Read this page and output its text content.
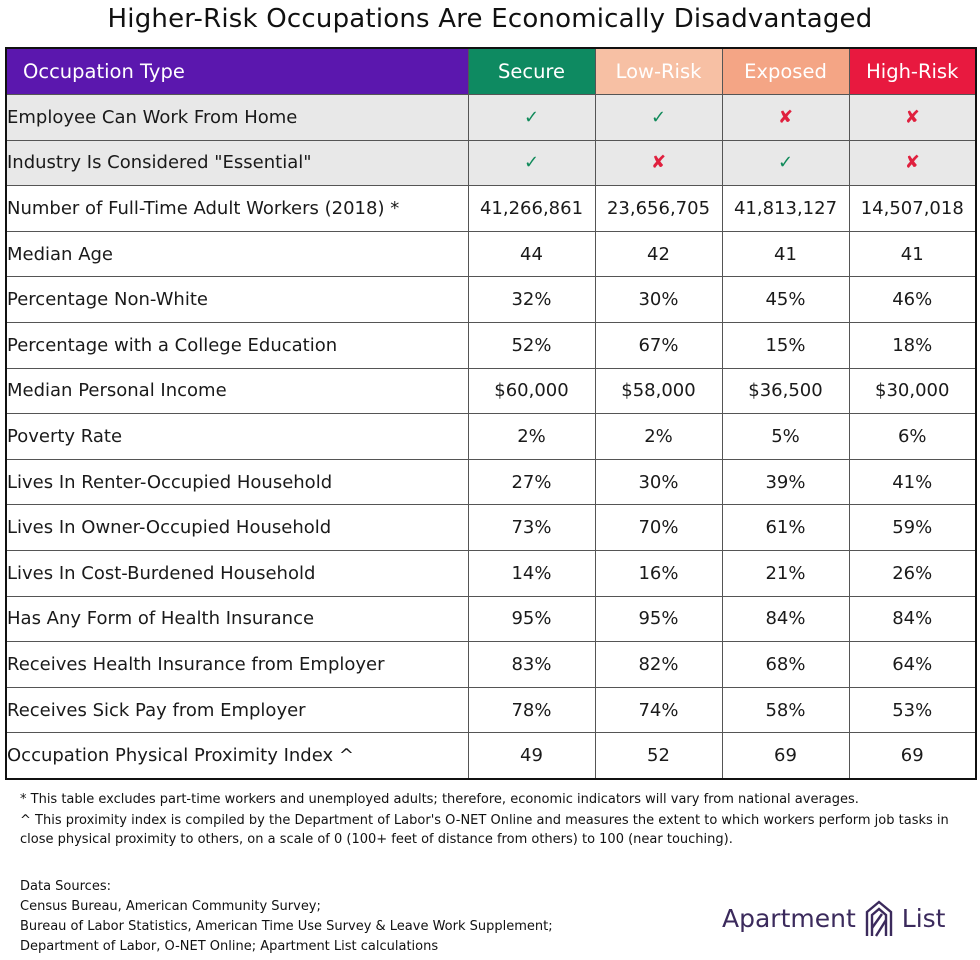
Higher-Risk Occupations Are Economically Disadvantaged
Occupation Type	Secure	Low-Risk	Exposed	High-Risk
Employee Can Work From Home	✓	✓	✘	✘
Industry Is Considered "Essential"	✓	✘	✓	✘
Number of Full-Time Adult Workers (2018) *	41,266,861	23,656,705	41,813,127	14,507,018
Median Age	44	42	41	41
Percentage Non-White	32%	30%	45%	46%
Percentage with a College Education	52%	67%	15%	18%
Median Personal Income	$60,000	$58,000	$36,500	$30,000
Poverty Rate	2%	2%	5%	6%
Lives In Renter-Occupied Household	27%	30%	39%	41%
Lives In Owner-Occupied Household	73%	70%	61%	59%
Lives In Cost-Burdened Household	14%	16%	21%	26%
Has Any Form of Health Insurance	95%	95%	84%	84%
Receives Health Insurance from Employer	83%	82%	68%	64%
Receives Sick Pay from Employer	78%	74%	58%	53%
Occupation Physical Proximity Index ^	49	52	69	69

* This table excludes part-time workers and unemployed adults; therefore, economic indicators will vary from national averages.

^ This proximity index is compiled by the Department of Labor's O-NET Online and measures the extent to which workers perform job tasks in close physical proximity to others, on a scale of 0 (100+ feet of distance from others) to 100 (near touching).

Data Sources:

Census Bureau, American Community Survey;

Bureau of Labor Statistics, American Time Use Survey & Leave Work Supplement;

Department of Labor, O-NET Online; Apartment List calculations

Apartment List
